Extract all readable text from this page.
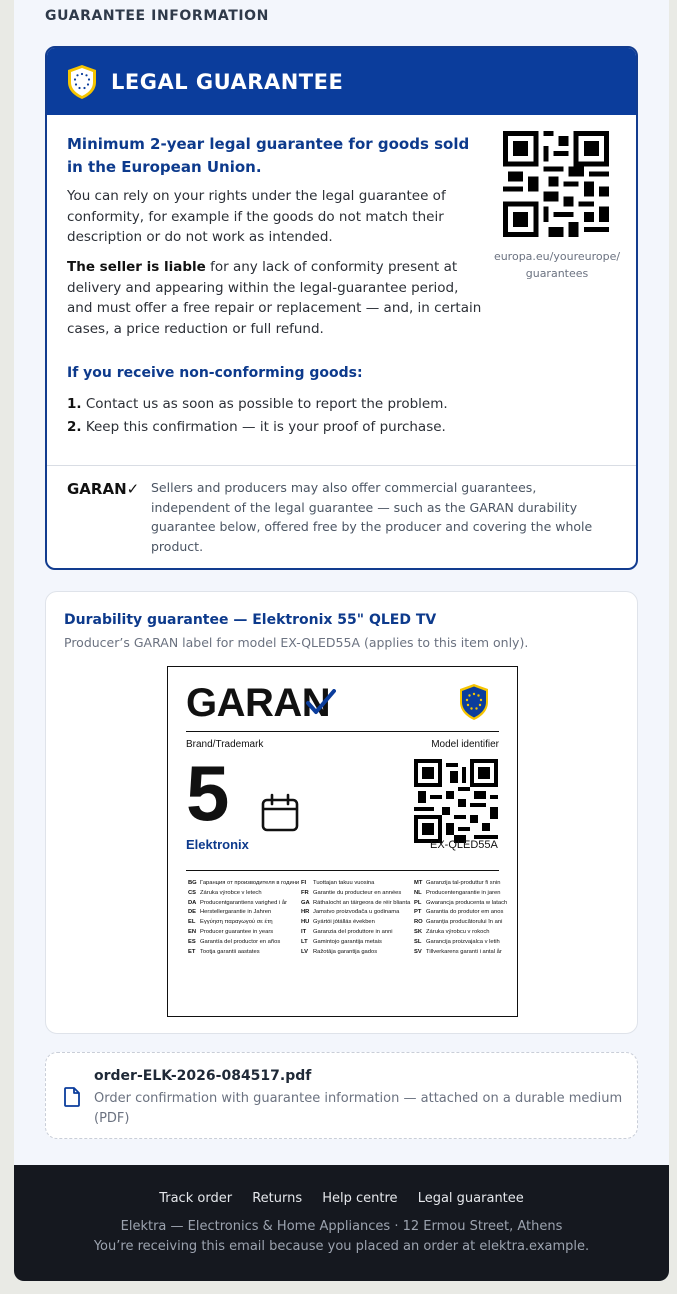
GUARANTEE INFORMATION
LEGAL GUARANTEE
Minimum 2-year legal guarantee for goods sold in the European Union.
You can rely on your rights under the legal guarantee of conformity, for example if the goods do not match their description or do not work as intended.
The seller is liable for any lack of conformity present at delivery and appearing within the legal-guarantee period, and must offer a free repair or replacement — and, in certain cases, a price reduction or full refund.
europa.eu/youreurope/ guarantees
If you receive non-conforming goods:
1. Contact us as soon as possible to report the problem.
2. Keep this confirmation — it is your proof of purchase.
GARAN✓ Sellers and producers may also offer commercial guarantees, independent of the legal guarantee — such as the GARAN durability guarantee below, offered free by the producer and covering the whole product.
Durability guarantee — Elektronix 55" QLED TV
Producer’s GARAN label for model EX-QLED55A (applies to this item only).
GARAN
Brand/Trademark	Model identifier
5
Elektronix	EX-QLED55A
BG Гаранция от производителя в години
CS Záruka výrobce v letech
DA Producentgarantiens varighed i år
DE Herstellergarantie in Jahren
EL Εγγύηση παραγωγού σε έτη
EN Producer guarantee in years
ES Garantía del productor en años
ET Tootja garantii aastates
FI Tuottajan takuu vuosina
FR Garantie du producteur en années
GA Ráthaíocht an táirgeora de réir blianta
HR Jamstvo proizvođača u godinama
HU Gyártói jótállás években
IT Garanzia del produttore in anni
LT Gamintojo garantija metais
LV Ražotāja garantija gados
MT Garanzija tal-produttur fi snin
NL Producentengarantie in jaren
PL Gwarancja producenta w latach
PT Garantia do produtor em anos
RO Garanția producătorului în ani
SK Záruka výrobcu v rokoch
SL Garancija proizvajalca v letih
SV Tillverkarens garanti i antal år
order-ELK-2026-084517.pdf
Order confirmation with guarantee information — attached on a durable medium (PDF)
Track order Returns Help centre Legal guarantee
Elektra — Electronics & Home Appliances · 12 Ermou Street, Athens
You’re receiving this email because you placed an order at elektra.example.
